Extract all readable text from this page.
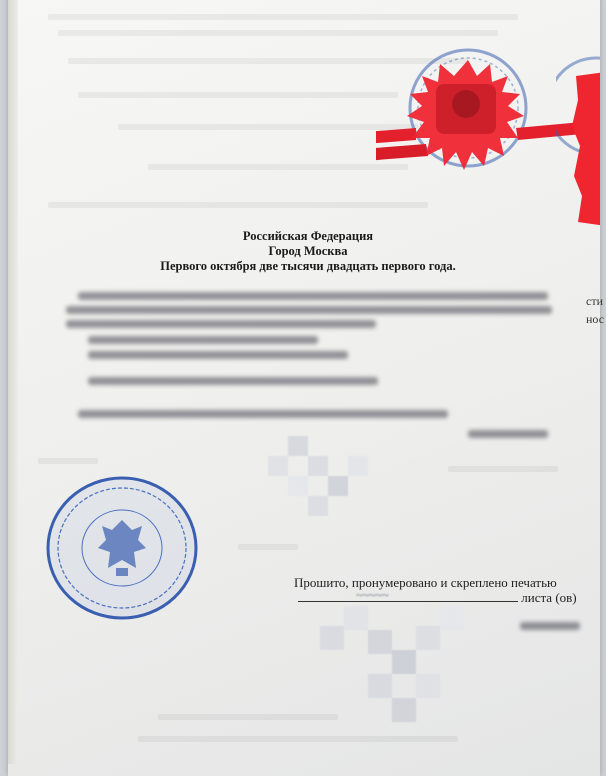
Российская Федерация
Город Москва
Первого октября две тысячи двадцать первого года.
Прошито, пронумеровано и скреплено печатью
листа (ов)
~~~~~
сти
нос
